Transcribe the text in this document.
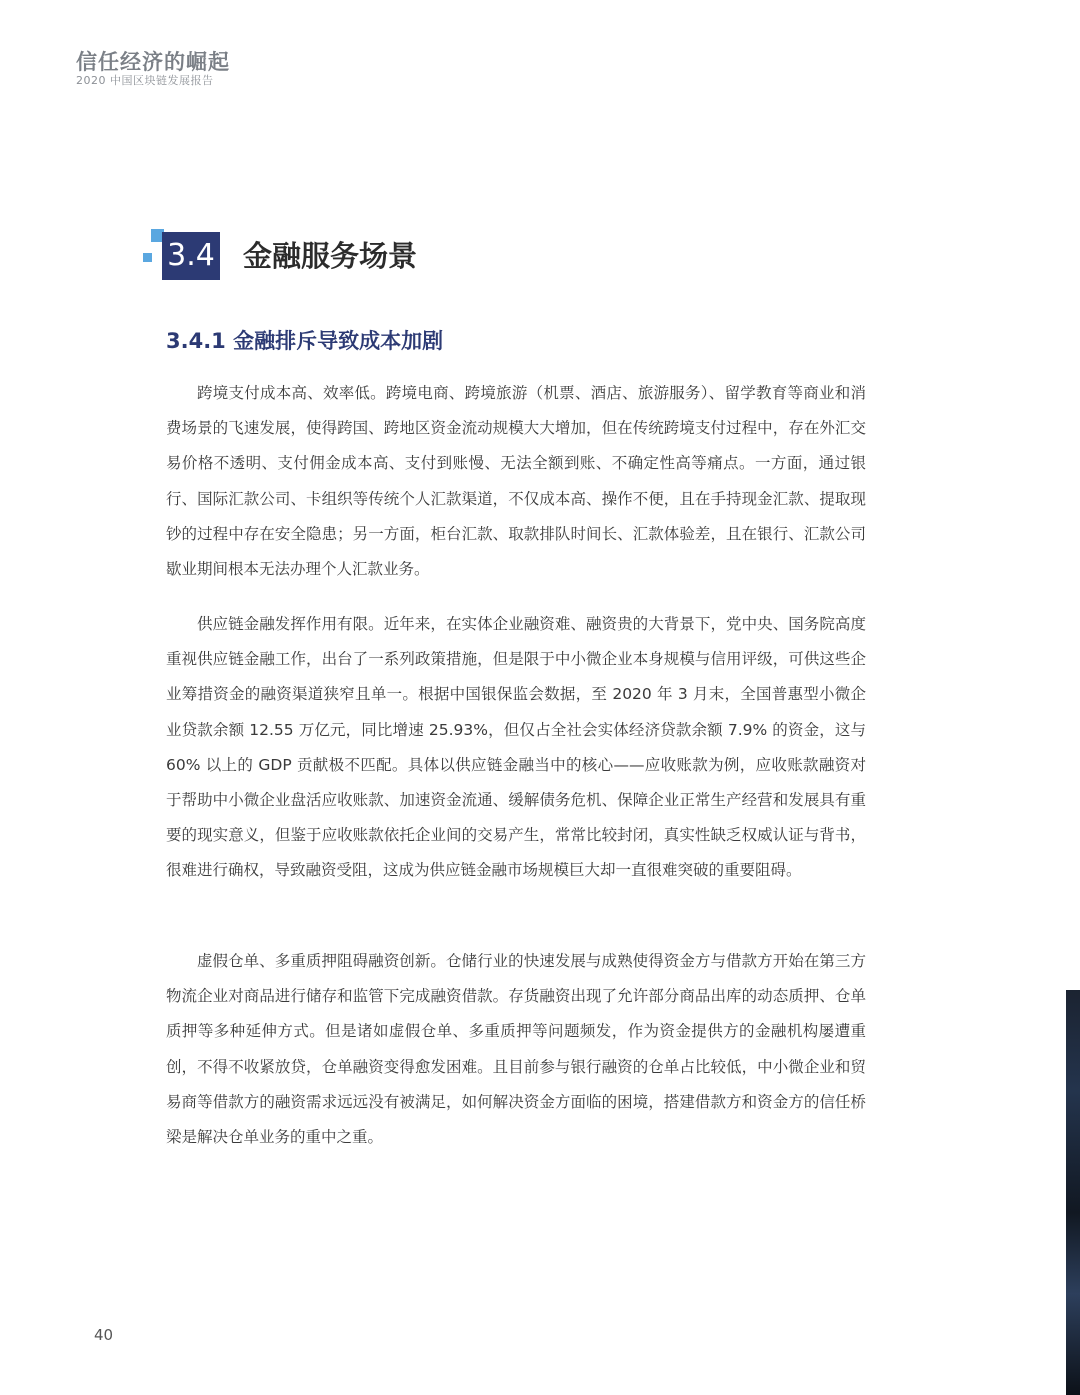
信任经济的崛起
2020 中国区块链发展报告
3.4 金融服务场景
3.4.1 金融排斥导致成本加剧

跨境支付成本高、效率低。跨境电商、跨境旅游（机票、酒店、旅游服务）、留学教育等商业和消费场景的飞速发展，使得跨国、跨地区资金流动规模大大增加，但在传统跨境支付过程中，存在外汇交易价格不透明、支付佣金成本高、支付到账慢、无法全额到账、不确定性高等痛点。一方面，通过银行、国际汇款公司、卡组织等传统个人汇款渠道，不仅成本高、操作不便，且在手持现金汇款、提取现钞的过程中存在安全隐患；另一方面，柜台汇款、取款排队时间长、汇款体验差，且在银行、汇款公司歇业期间根本无法办理个人汇款业务。

供应链金融发挥作用有限。近年来，在实体企业融资难、融资贵的大背景下，党中央、国务院高度重视供应链金融工作，出台了一系列政策措施，但是限于中小微企业本身规模与信用评级，可供这些企业筹措资金的融资渠道狭窄且单一。根据中国银保监会数据，至 2020 年 3 月末，全国普惠型小微企业贷款余额 12.55 万亿元，同比增速 25.93%，但仅占全社会实体经济贷款余额 7.9% 的资金，这与 60% 以上的 GDP 贡献极不匹配。具体以供应链金融当中的核心——应收账款为例，应收账款融资对于帮助中小微企业盘活应收账款、加速资金流通、缓解债务危机、保障企业正常生产经营和发展具有重要的现实意义，但鉴于应收账款依托企业间的交易产生，常常比较封闭，真实性缺乏权威认证与背书，很难进行确权，导致融资受阻，这成为供应链金融市场规模巨大却一直很难突破的重要阻碍。

虚假仓单、多重质押阻碍融资创新。仓储行业的快速发展与成熟使得资金方与借款方开始在第三方物流企业对商品进行储存和监管下完成融资借款。存货融资出现了允许部分商品出库的动态质押、仓单质押等多种延伸方式。但是诸如虚假仓单、多重质押等问题频发，作为资金提供方的金融机构屡遭重创，不得不收紧放贷，仓单融资变得愈发困难。且目前参与银行融资的仓单占比较低，中小微企业和贸易商等借款方的融资需求远远没有被满足，如何解决资金方面临的困境，搭建借款方和资金方的信任桥梁是解决仓单业务的重中之重。

40
